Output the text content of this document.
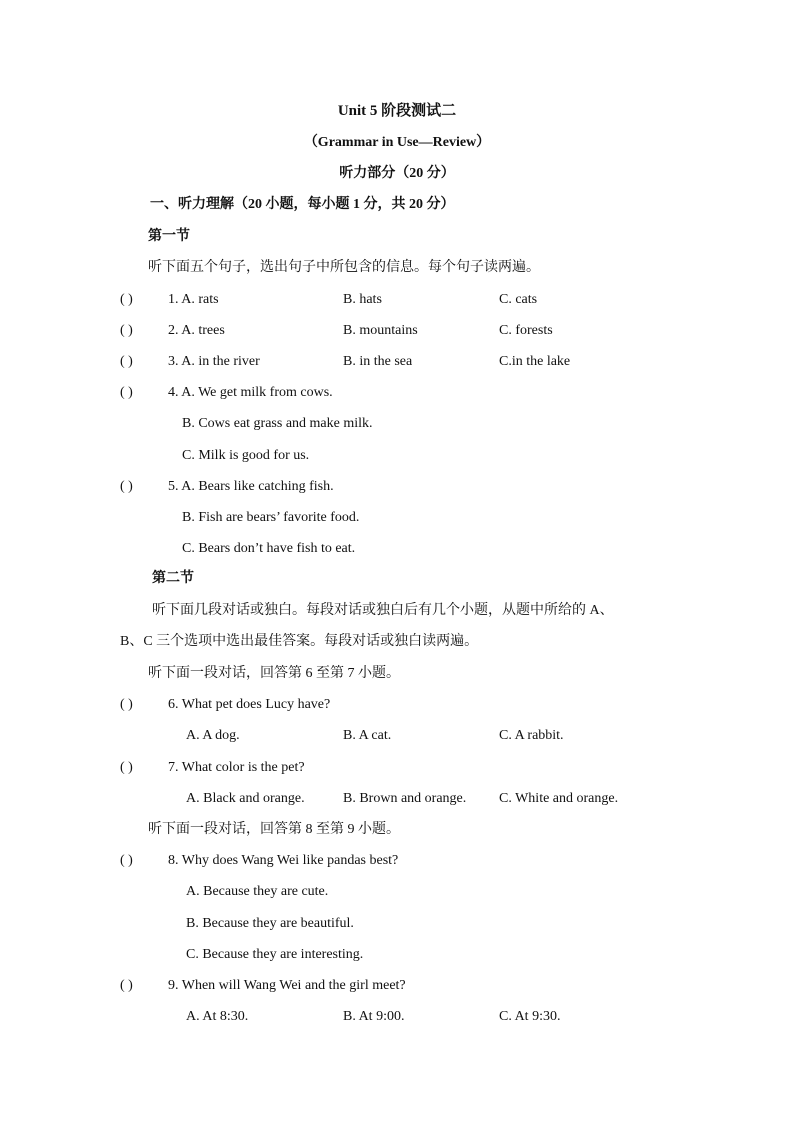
Unit 5 阶段测试二
（Grammar in Use—Review）
听力部分（20 分）
一、听力理解（20 小题，每小题 1 分，共 20 分）
第一节
听下面五个句子，选出句子中所包含的信息。每个句子读两遍。
( )	1. A. rats	B. hats	C. cats
( )	2. A. trees	B. mountains	C. forests
( )	3. A. in the river	B. in the sea	C.in the lake
( )	4. A. We get milk from cows.
B. Cows eat grass and make milk.
C. Milk is good for us.
( )	5. A. Bears like catching fish.
B. Fish are bears’ favorite food.
C. Bears don’t have fish to eat.
第二节
听下面几段对话或独白。每段对话或独白后有几个小题，从题中所给的 A、
B、C 三个选项中选出最佳答案。每段对话或独白读两遍。
听下面一段对话，回答第 6 至第 7 小题。
( )	6. What pet does Lucy have?
A. A dog.	B. A cat.	C. A rabbit.
( )	7. What color is the pet?
A. Black and orange.	B. Brown and orange. C. White and orange.
听下面一段对话，回答第 8 至第 9 小题。
( )	8. Why does Wang Wei like pandas best?
A. Because they are cute.
B. Because they are beautiful.
C. Because they are interesting.
( )	9. When will Wang Wei and the girl meet?
A. At 8:30.	B. At 9:00.	C. At 9:30.
